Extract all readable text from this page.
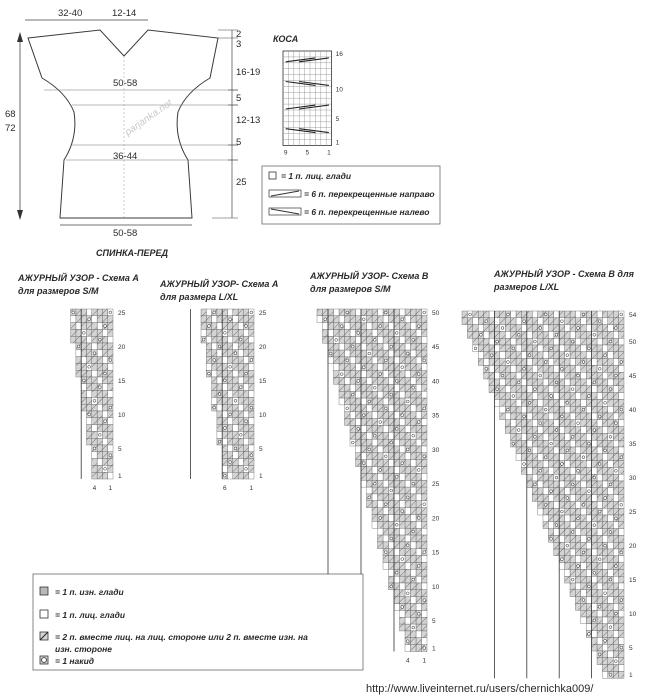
32-40	12-14
50-58
36-44
50-58
parjanka.net
68
72
2
3
16-19
5
12-13
5
25
СПИНКА-ПЕРЕД
КОСА
16
10
5
1
9	5	1
= 1 п. лиц. глади
= 6 п. перекрещенные направо
= 6 п. перекрещенные налево
АЖУРНЫЙ УЗОР - Схема А
для размеров S/M
АЖУРНЫЙ УЗОР- Схема А
для размера L/XL
АЖУРНЫЙ УЗОР- Схема В
для размеров S/M
АЖУРНЫЙ УЗОР - Схема В для
размеров L/XL
25
20
15
10
5
1
4 1
25
20
15
10
5
1
6	1
50
45
40
35
30
25
20
15
10
5
1
4 1
54
50
45
40
35
30
25
20
15
10
5
1
= 1 п. изн. глади
= 1 п. лиц. глади
= 2 п. вместе лиц. на лиц. стороне или 2 п. вместе изн. на
изн. стороне
= 1 накид
http://www.liveinternet.ru/users/chernichka009/
